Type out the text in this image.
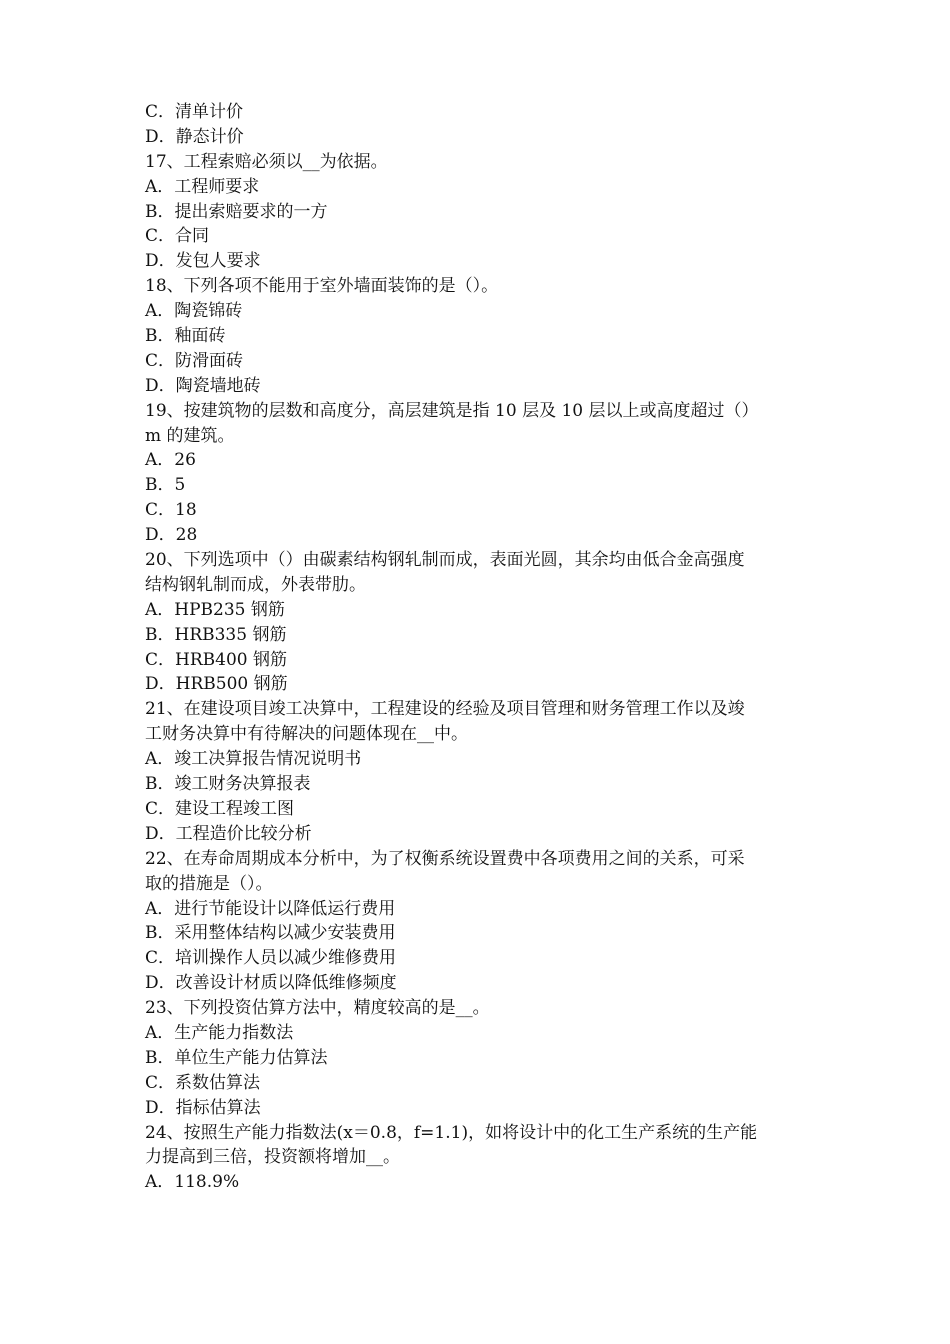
C．清单计价
D．静态计价
17、工程索赔必须以__为依据。
A．工程师要求
B．提出索赔要求的一方
C．合同
D．发包人要求
18、下列各项不能用于室外墙面装饰的是（）。
A．陶瓷锦砖
B．釉面砖
C．防滑面砖
D．陶瓷墙地砖
19、按建筑物的层数和高度分，高层建筑是指 10 层及 10 层以上或高度超过（）
m 的建筑。
A．26
B．5
C．18
D．28
20、下列选项中（）由碳素结构钢轧制而成，表面光圆，其余均由低合金高强度
结构钢轧制而成，外表带肋。
A．HPB235 钢筋
B．HRB335 钢筋
C．HRB400 钢筋
D．HRB500 钢筋
21、在建设项目竣工决算中，工程建设的经验及项目管理和财务管理工作以及竣
工财务决算中有待解决的问题体现在__中。
A．竣工决算报告情况说明书
B．竣工财务决算报表
C．建设工程竣工图
D．工程造价比较分析
22、在寿命周期成本分析中，为了权衡系统设置费中各项费用之间的关系，可采
取的措施是（）。
A．进行节能设计以降低运行费用
B．采用整体结构以减少安装费用
C．培训操作人员以减少维修费用
D．改善设计材质以降低维修频度
23、下列投资估算方法中，精度较高的是__。
A．生产能力指数法
B．单位生产能力估算法
C．系数估算法
D．指标估算法
24、按照生产能力指数法(x＝0.8，f=1.1)，如将设计中的化工生产系统的生产能
力提高到三倍，投资额将增加__。
A．118.9%
